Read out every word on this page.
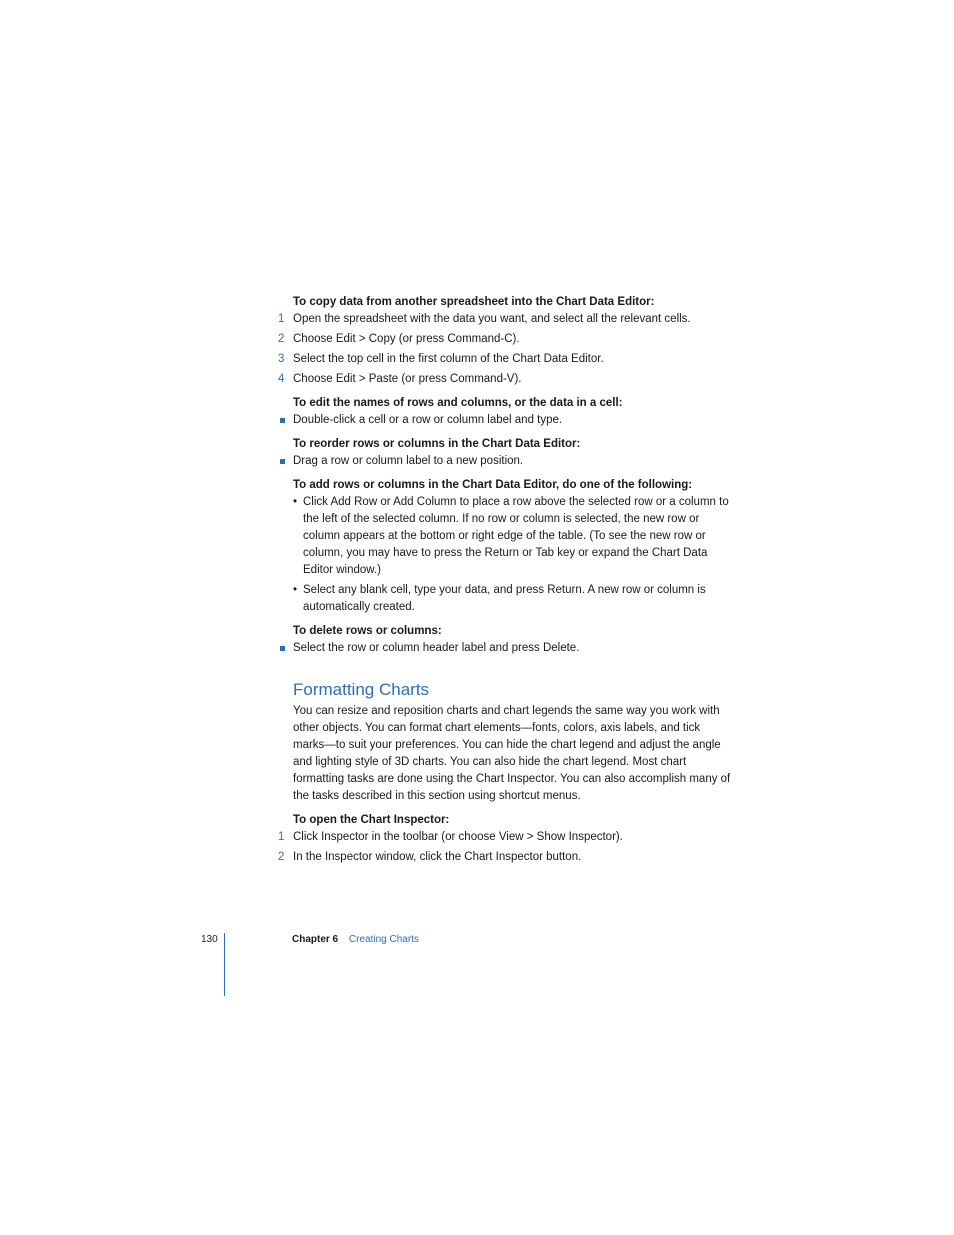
To copy data from another spreadsheet into the Chart Data Editor:
1 Open the spreadsheet with the data you want, and select all the relevant cells.
2 Choose Edit > Copy (or press Command-C).
3 Select the top cell in the first column of the Chart Data Editor.
4 Choose Edit > Paste (or press Command-V).
To edit the names of rows and columns, or the data in a cell:
Double-click a cell or a row or column label and type.
To reorder rows or columns in the Chart Data Editor:
Drag a row or column label to a new position.
To add rows or columns in the Chart Data Editor, do one of the following:
• Click Add Row or Add Column to place a row above the selected row or a column to the left of the selected column. If no row or column is selected, the new row or column appears at the bottom or right edge of the table. (To see the new row or column, you may have to press the Return or Tab key or expand the Chart Data Editor window.)
• Select any blank cell, type your data, and press Return. A new row or column is automatically created.
To delete rows or columns:
Select the row or column header label and press Delete.
Formatting Charts

You can resize and reposition charts and chart legends the same way you work with other objects. You can format chart elements—fonts, colors, axis labels, and tick marks—to suit your preferences. You can hide the chart legend and adjust the angle and lighting style of 3D charts. You can also hide the chart legend. Most chart formatting tasks are done using the Chart Inspector. You can also accomplish many of the tasks described in this section using shortcut menus.

To open the Chart Inspector:
1 Click Inspector in the toolbar (or choose View > Show Inspector).
2 In the Inspector window, click the Chart Inspector button.
130	Chapter 6 Creating Charts
